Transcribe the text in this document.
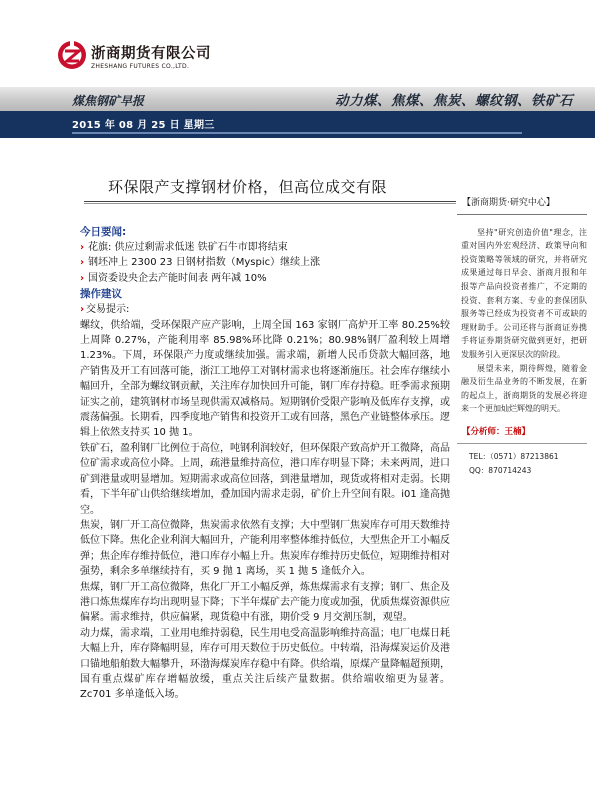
浙商期货有限公司
ZHESHANG FUTURES CO.,LTD.
煤焦钢矿早报	动力煤、焦煤、焦炭、螺纹钢、铁矿石
2015 年 08 月 25 日 星期三
环保限产支撑钢材价格，但高位成交有限
今日要闻:
› 花旗: 供应过剩需求低迷 铁矿石牛市即将结束
› 钢坯冲上 2300 23 日钢材指数（Myspic）继续上涨
› 国资委设央企去产能时间表 两年减 10%
操作建议
› 交易提示:
螺纹，供给端，受环保限产应产影响，上周全国 163 家钢厂高炉开工率 80.25%较上周降 0.27%，产能利用率 85.98%环比降 0.21%；80.98%钢厂盈利较上周增 1.23%。下周，环保限产力度或继续加强。需求端，新增人民币贷款大幅回落，地产销售及开工有回落可能，浙江工地停工对钢材需求也将逐渐施压。社会库存继续小幅回升，全部为螺纹钢贡献，关注库存加快回升可能，钢厂库存持稳。旺季需求预期证实之前，建筑钢材市场呈现供需双减格局。短期钢价受限产影响及低库存支撑，或震荡偏强。长期看，四季度地产销售和投资开工或有回落，黑色产业链整体承压。逻辑上依然支持买 10 抛 1。
铁矿石，盈利钢厂比例位于高位，吨钢利润较好，但环保限产致高炉开工微降，高品位矿需求或高位小降。上周，疏港量维持高位，港口库存明显下降；未来两周，进口矿到港量或明显增加。短期需求或高位回落，到港量增加，现货或将相对走弱。长期看，下半年矿山供给继续增加，叠加国内需求走弱，矿价上升空间有限。i01 逢高抛空。
焦炭，钢厂开工高位微降，焦炭需求依然有支撑；大中型钢厂焦炭库存可用天数维持低位下降。焦化企业利润大幅回升，产能利用率整体维持低位，大型焦企开工小幅反弹；焦企库存维持低位，港口库存小幅上升。焦炭库存维持历史低位，短期维持相对强势，剩余多单继续持有，买 9 抛 1 离场，买 1 抛 5 逢低介入。
焦煤，钢厂开工高位微降，焦化厂开工小幅反弹，炼焦煤需求有支撑；钢厂、焦企及港口炼焦煤库存均出现明显下降；下半年煤矿去产能力度或加强，优质焦煤资源供应偏紧。需求维持，供应偏紧，现货稳中有涨，期价受 9 月交割压制，观望。
动力煤，需求端，工业用电维持弱稳，民生用电受高温影响维持高温；电厂电煤日耗大幅上升，库存降幅明显，库存可用天数位于历史低位。中转端，沿海煤炭运价及港口锚地船舶数大幅攀升，环渤海煤炭库存稳中有降。供给端，原煤产量降幅超预期，国有重点煤矿库存增幅放缓，重点关注后续产量数据。供给端收缩更为显著。Zc701 多单逢低入场。
【浙商期货·研究中心】
坚持"研究创造价值"理念，注重对国内外宏观经济、政策导向和投资策略等领域的研究，并将研究成果通过每日早会、浙商月报和年报等产品向投资者推广，不定期的投资、套利方案、专业的套保团队服务等已经成为投资者不可或缺的理财助手。公司还将与浙商证券携手将证券期货研究做到更好，把研发服务引入更深层次的阶段。
展望未来，期待辉煌，随着金融及衍生品业务的不断发展，在新的起点上，浙商期货的发展必将迎来一个更加灿烂辉煌的明天。
【分析师：王楠】
TEL：（0571）87213861
QQ：870714243
